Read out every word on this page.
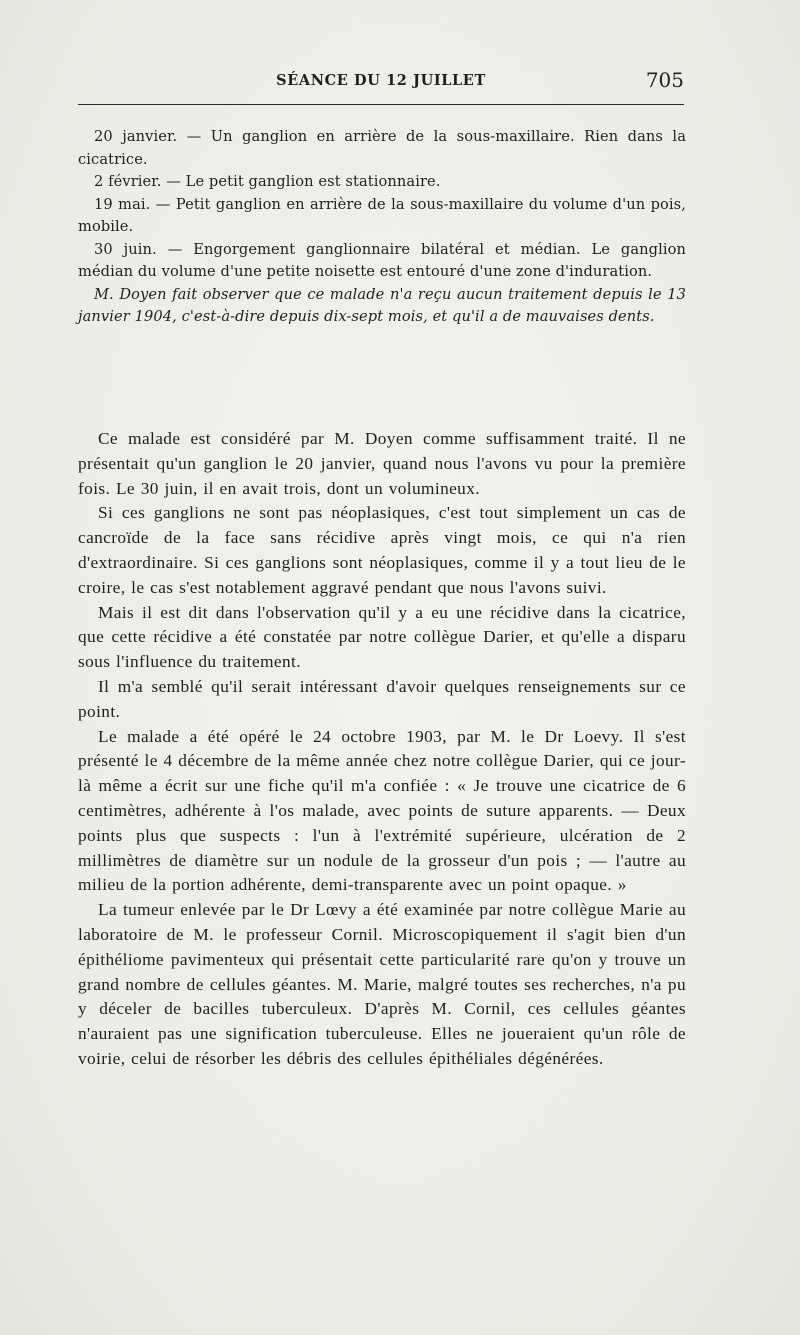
SÉANCE DU 12 JUILLET	705

20 janvier. — Un ganglion en arrière de la sous-maxillaire. Rien dans la cicatrice.

2 février. — Le petit ganglion est stationnaire.

19 mai. — Petit ganglion en arrière de la sous-maxillaire du volume d'un pois, mobile.

30 juin. — Engorgement ganglionnaire bilatéral et médian. Le ganglion médian du volume d'une petite noisette est entouré d'une zone d'induration.

M. Doyen fait observer que ce malade n'a reçu aucun traitement depuis le 13 janvier 1904, c'est-à-dire depuis dix-sept mois, et qu'il a de mauvaises dents.

Ce malade est considéré par M. Doyen comme suffisamment traité. Il ne présentait qu'un ganglion le 20 janvier, quand nous l'avons vu pour la première fois. Le 30 juin, il en avait trois, dont un volumineux.

Si ces ganglions ne sont pas néoplasiques, c'est tout simplement un cas de cancroïde de la face sans récidive après vingt mois, ce qui n'a rien d'extraordinaire. Si ces ganglions sont néoplasiques, comme il y a tout lieu de le croire, le cas s'est notablement aggravé pendant que nous l'avons suivi.

Mais il est dit dans l'observation qu'il y a eu une récidive dans la cicatrice, que cette récidive a été constatée par notre collègue Darier, et qu'elle a disparu sous l'influence du traitement.

Il m'a semblé qu'il serait intéressant d'avoir quelques renseignements sur ce point.

Le malade a été opéré le 24 octobre 1903, par M. le Dr Loevy. Il s'est présenté le 4 décembre de la même année chez notre collègue Darier, qui ce jour-là même a écrit sur une fiche qu'il m'a confiée : « Je trouve une cicatrice de 6 centimètres, adhérente à l'os malade, avec points de suture apparents. — Deux points plus que suspects : l'un à l'extrémité supérieure, ulcération de 2 millimètres de diamètre sur un nodule de la grosseur d'un pois ; — l'autre au milieu de la portion adhérente, demi-transparente avec un point opaque. »

La tumeur enlevée par le Dr Lœvy a été examinée par notre collègue Marie au laboratoire de M. le professeur Cornil. Microscopiquement il s'agit bien d'un épithéliome pavimenteux qui présentait cette particularité rare qu'on y trouve un grand nombre de cellules géantes. M. Marie, malgré toutes ses recherches, n'a pu y déceler de bacilles tuberculeux. D'après M. Cornil, ces cellules géantes n'auraient pas une signification tuberculeuse. Elles ne joueraient qu'un rôle de voirie, celui de résorber les débris des cellules épithéliales dégénérées.
